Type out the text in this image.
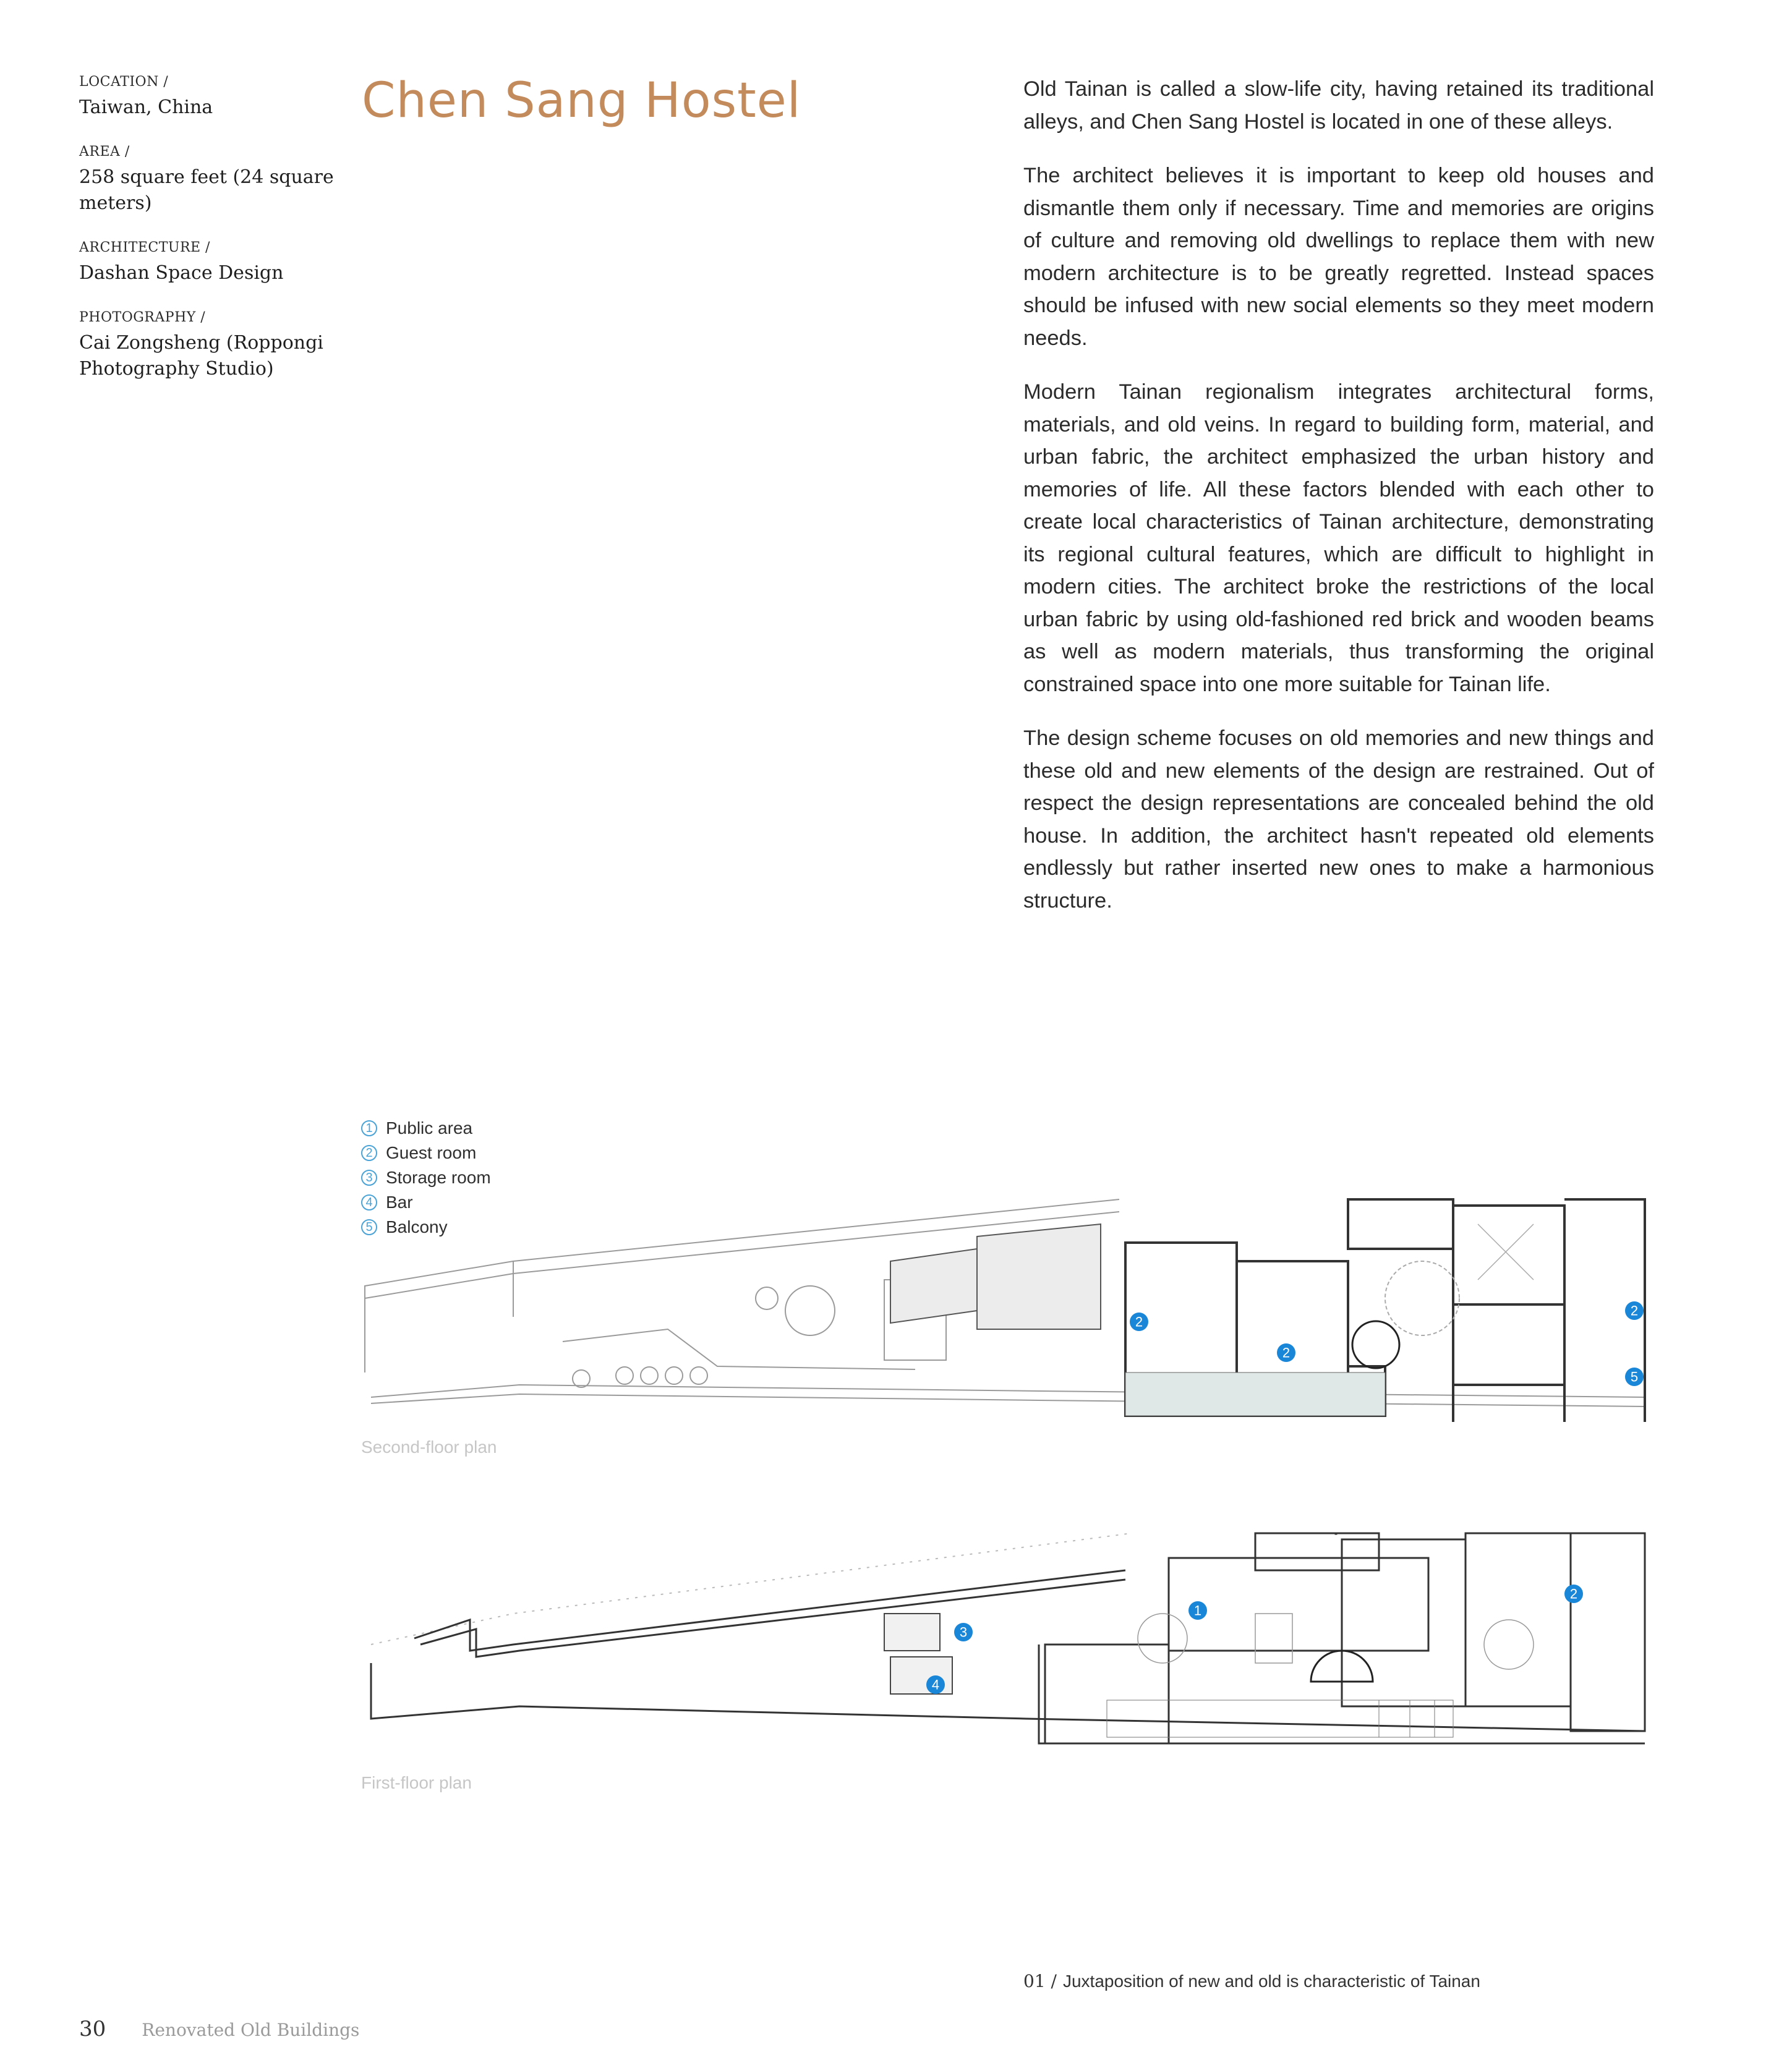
LOCATION /
Taiwan, China
AREA /
258 square feet (24 square meters)
ARCHITECTURE /
Dashan Space Design
PHOTOGRAPHY /
Cai Zongsheng (Roppongi Photography Studio)
Chen Sang Hostel	Old Tainan is called a slow-life city, having retained its traditional alleys, and Chen Sang Hostel is located in one of these alleys.

The architect believes it is important to keep old houses and dismantle them only if necessary. Time and memories are origins of culture and removing old dwellings to replace them with new modern architecture is to be greatly regretted. Instead spaces should be infused with new social elements so they meet modern needs.

Modern Tainan regionalism integrates architectural forms, materials, and old veins. In regard to building form, material, and urban fabric, the architect emphasized the urban history and memories of life. All these factors blended with each other to create local characteristics of Tainan architecture, demonstrating its regional cultural features, which are difficult to highlight in modern cities. The architect broke the restrictions of the local urban fabric by using old-fashioned red brick and wooden beams as well as modern materials, thus transforming the original constrained space into one more suitable for Tainan life.

The design scheme focuses on old memories and new things and these old and new elements of the design are restrained. Out of respect the design representations are concealed behind the old house. In addition, the architect hasn't repeated old elements endlessly but rather inserted new ones to make a harmonious structure.

1 Public area
2 Guest room
3 Storage room
4 Bar
5 Balcony
2
2
2
5
Second-floor plan
3
4
1
2
First-floor plan
01 / Juxtaposition of new and old is characteristic of Tainan
30 Renovated Old Buildings
